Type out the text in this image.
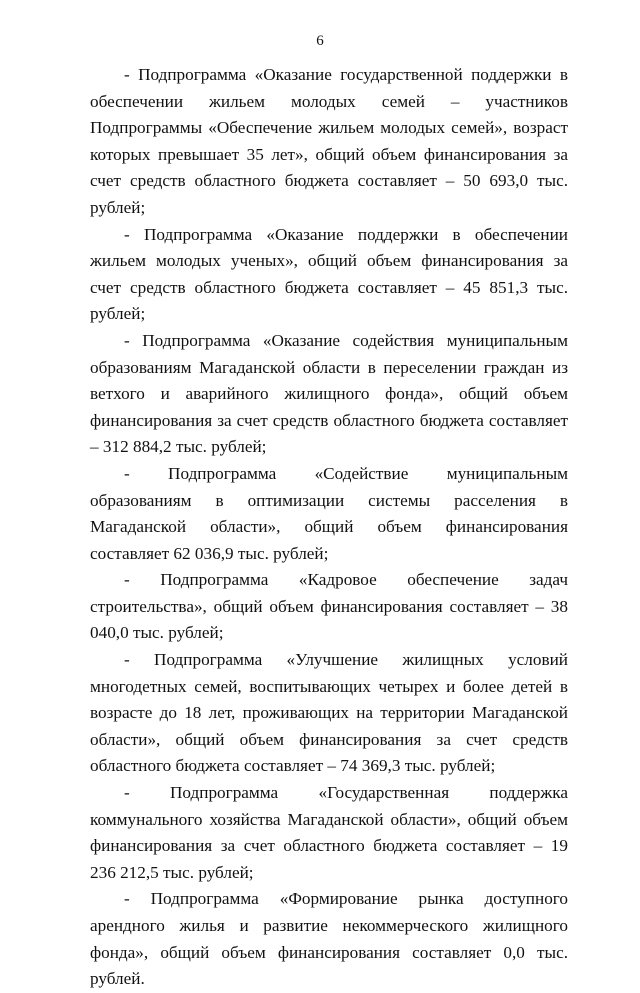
6

- Подпрограмма «Оказание государственной поддержки в обеспечении жильем молодых семей – участников Подпрограммы «Обеспечение жильем молодых семей», возраст которых превышает 35 лет», общий объем финансирования за счет средств областного бюджета составляет – 50 693,0 тыс. рублей;

- Подпрограмма «Оказание поддержки в обеспечении жильем молодых ученых», общий объем финансирования за счет средств областного бюджета составляет – 45 851,3 тыс. рублей;

- Подпрограмма «Оказание содействия муниципальным образованиям Магаданской области в переселении граждан из ветхого и аварийного жилищного фонда», общий объем финансирования за счет средств областного бюджета составляет – 312 884,2 тыс. рублей;

- Подпрограмма «Содействие муниципальным образованиям в оптимизации системы расселения в Магаданской области», общий объем финансирования составляет 62 036,9 тыс. рублей;

- Подпрограмма «Кадровое обеспечение задач строительства», общий объем финансирования составляет – 38 040,0 тыс. рублей;

- Подпрограмма «Улучшение жилищных условий многодетных семей, воспитывающих четырех и более детей в возрасте до 18 лет, проживающих на территории Магаданской области», общий объем финансирования за счет средств областного бюджета составляет – 74 369,3 тыс. рублей;

- Подпрограмма «Государственная поддержка коммунального хозяйства Магаданской области», общий объем финансирования за счет областного бюджета составляет – 19 236 212,5 тыс. рублей;

- Подпрограмма «Формирование рынка доступного арендного жилья и развитие некоммерческого жилищного фонда», общий объем финансирования составляет 0,0 тыс. рублей.
